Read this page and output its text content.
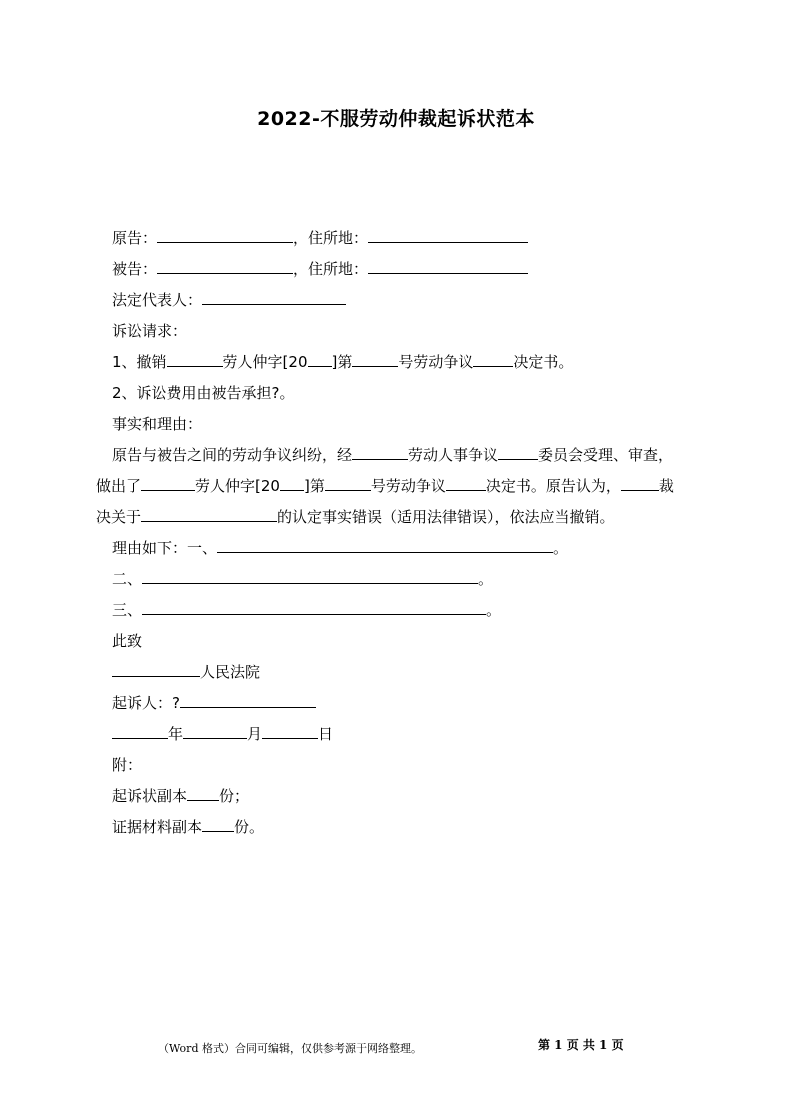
2022-不服劳动仲裁起诉状范本
原告：	，住所地：
被告：	，住所地：
法定代表人：
诉讼请求：
1、撤销	劳人仲字[20 ]第	号劳动争议	决定书。
2、诉讼费用由被告承担?。
事实和理由：
原告与被告之间的劳动争议纠纷，经	劳动人事争议	委员会受理、审查，
做出了	劳人仲字[20 ]第	号劳动争议	决定书。原告认为，	裁
决关于	的认定事实错误（适用法律错误），依法应当撤销。
理由如下：一、	。
二、	。
三、	。
此致
人民法院
起诉人：?
年	月	日
附：
起诉状副本 份；
证据材料副本 份。
（Word 格式）合同可编辑，仅供参考源于网络整理。	第 1 页 共 1 页
